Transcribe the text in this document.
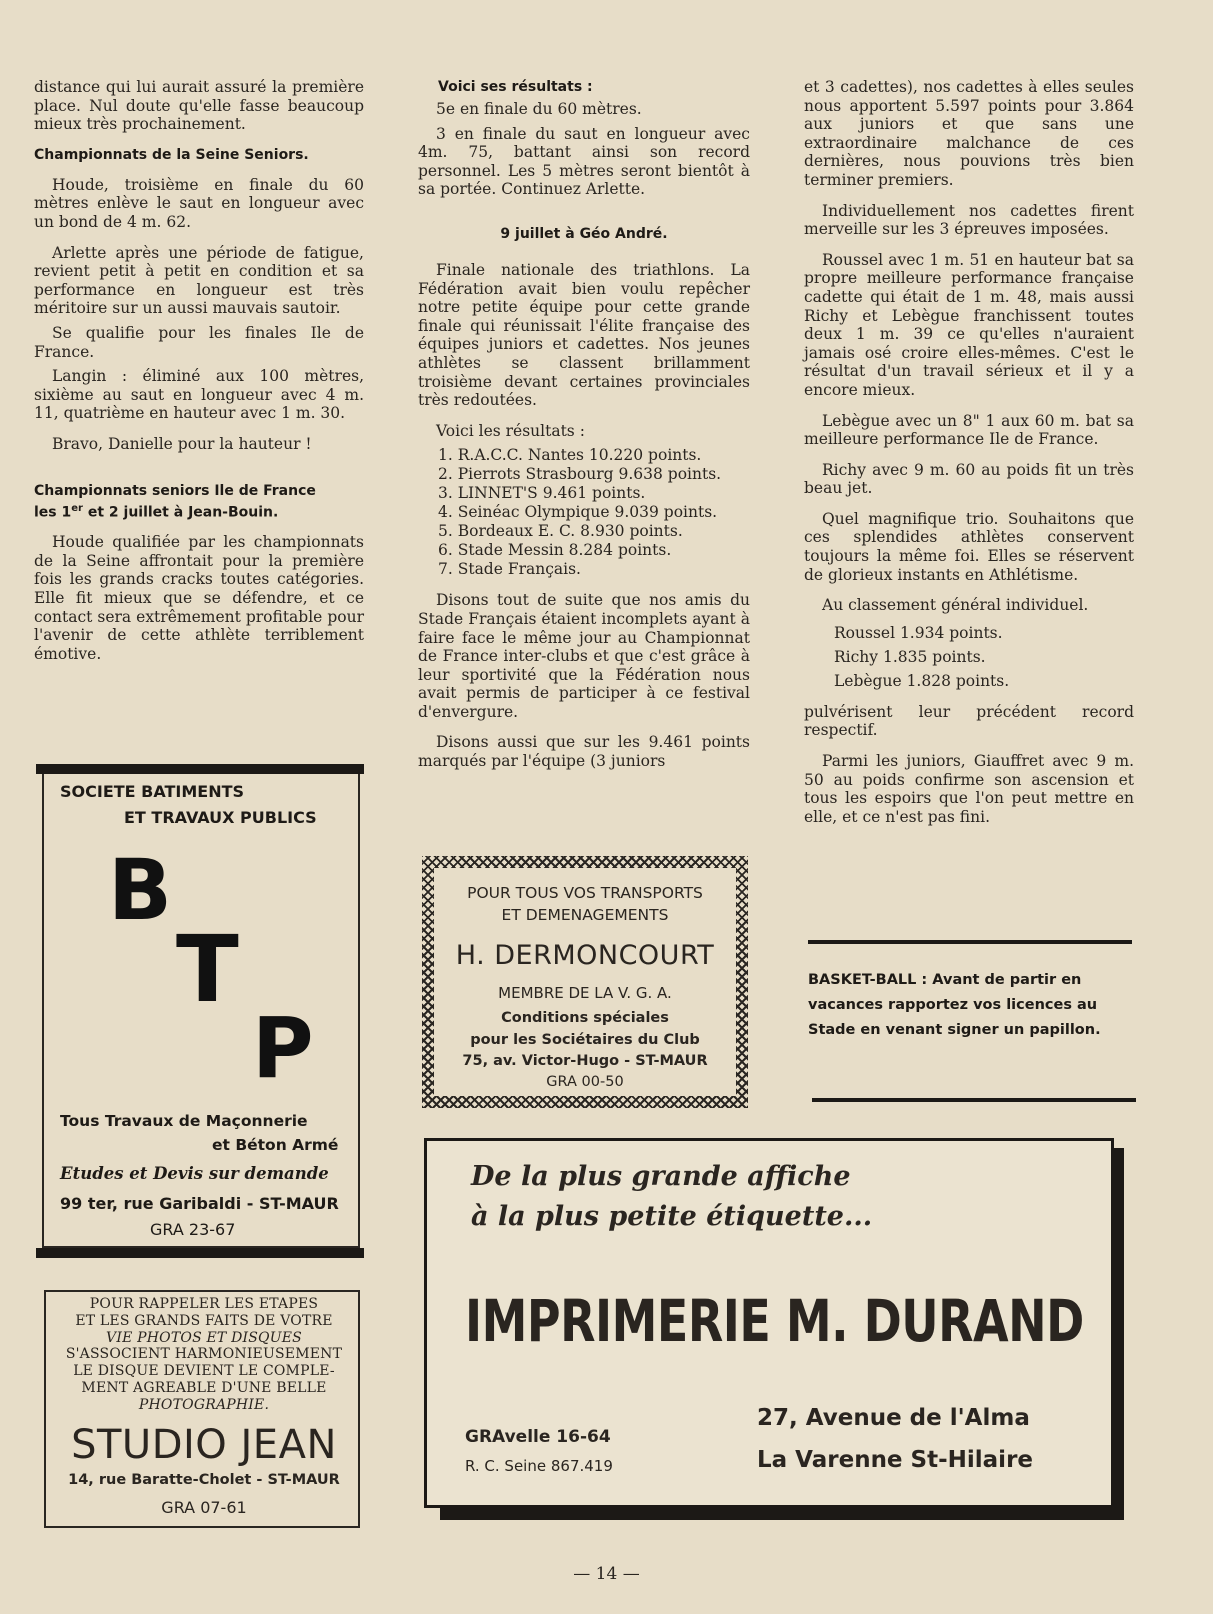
distance qui lui aurait assuré la première place. Nul doute qu'elle fasse beaucoup mieux très prochainement.

Championnats de la Seine Seniors.

Houde, troisième en finale du 60 mètres enlève le saut en longueur avec un bond de 4 m. 62.

Arlette après une période de fatigue, revient petit à petit en condition et sa performance en longueur est très méritoire sur un aussi mauvais sautoir.

Se qualifie pour les finales Ile de France.

Langin : éliminé aux 100 mètres, sixième au saut en longueur avec 4 m. 11, quatrième en hauteur avec 1 m. 30.

Bravo, Danielle pour la hauteur !

Championnats seniors Ile de France
les 1er et 2 juillet à Jean-Bouin.

Houde qualifiée par les championnats de la Seine affrontait pour la première fois les grands cracks toutes catégories. Elle fit mieux que se défendre, et ce contact sera extrêmement profitable pour l'avenir de cette athlète terriblement émotive.

Voici ses résultats :

5e en finale du 60 mètres.

3 en finale du saut en longueur avec 4m. 75, battant ainsi son record personnel. Les 5 mètres seront bientôt à sa portée. Continuez Arlette.

9 juillet à Géo André.

Finale nationale des triathlons. La Fédération avait bien voulu repêcher notre petite équipe pour cette grande finale qui réunissait l'élite française des équipes juniors et cadettes. Nos jeunes athlètes se classent brillamment troisième devant certaines provinciales très redoutées.

Voici les résultats :

1. R.A.C.C. Nantes 10.220 points.
2. Pierrots Strasbourg 9.638 points.
3. LINNET'S 9.461 points.
4. Seinéac Olympique 9.039 points.
5. Bordeaux E. C. 8.930 points.
6. Stade Messin 8.284 points.
7. Stade Français.

Disons tout de suite que nos amis du Stade Français étaient incomplets ayant à faire face le même jour au Championnat de France inter-clubs et que c'est grâce à leur sportivité que la Fédération nous avait permis de participer à ce festival d'envergure.

Disons aussi que sur les 9.461 points marqués par l'équipe (3 juniors

et 3 cadettes), nos cadettes à elles seules nous apportent 5.597 points pour 3.864 aux juniors et que sans une extraordinaire malchance de ces dernières, nous pouvions très bien terminer premiers.

Individuellement nos cadettes firent merveille sur les 3 épreuves imposées.

Roussel avec 1 m. 51 en hauteur bat sa propre meilleure performance française cadette qui était de 1 m. 48, mais aussi Richy et Lebègue franchissent toutes deux 1 m. 39 ce qu'elles n'auraient jamais osé croire elles-mêmes. C'est le résultat d'un travail sérieux et il y a encore mieux.

Lebègue avec un 8" 1 aux 60 m. bat sa meilleure performance Ile de France.

Richy avec 9 m. 60 au poids fit un très beau jet.

Quel magnifique trio. Souhaitons que ces splendides athlètes conservent toujours la même foi. Elles se réservent de glorieux instants en Athlétisme.

Au classement général individuel.

Roussel 1.934 points.
Richy 1.835 points.
Lebègue 1.828 points.

pulvérisent leur précédent record respectif.

Parmi les juniors, Giauffret avec 9 m. 50 au poids confirme son ascension et tous les espoirs que l'on peut mettre en elle, et ce n'est pas fini.

BASKET-BALL : Avant de partir en vacances rapportez vos licences au Stade en venant signer un papillon.
SOCIETE BATIMENTS
ET TRAVAUX PUBLICS
B
T
P
Tous Travaux de Maçonnerie
et Béton Armé
Etudes et Devis sur demande
99 ter, rue Garibaldi - ST-MAUR
GRA 23-67
POUR RAPPELER LES ETAPES
ET LES GRANDS FAITS DE VOTRE
VIE PHOTOS ET DISQUES
S'ASSOCIENT HARMONIEUSEMENT
LE DISQUE DEVIENT LE COMPLE-
MENT AGREABLE D'UNE BELLE
PHOTOGRAPHIE.
STUDIO JEAN
14, rue Baratte-Cholet - ST-MAUR
GRA 07-61
POUR TOUS VOS TRANSPORTS
ET DEMENAGEMENTS
H. DERMONCOURT
MEMBRE DE LA V. G. A.
Conditions spéciales
pour les Sociétaires du Club
75, av. Victor-Hugo - ST-MAUR
GRA 00-50
De la plus grande affiche
à la plus petite étiquette...
IMPRIMERIE M. DURAND
GRAvelle 16-64
R. C. Seine 867.419
27, Avenue de l'Alma
La Varenne St-Hilaire
— 14 —
